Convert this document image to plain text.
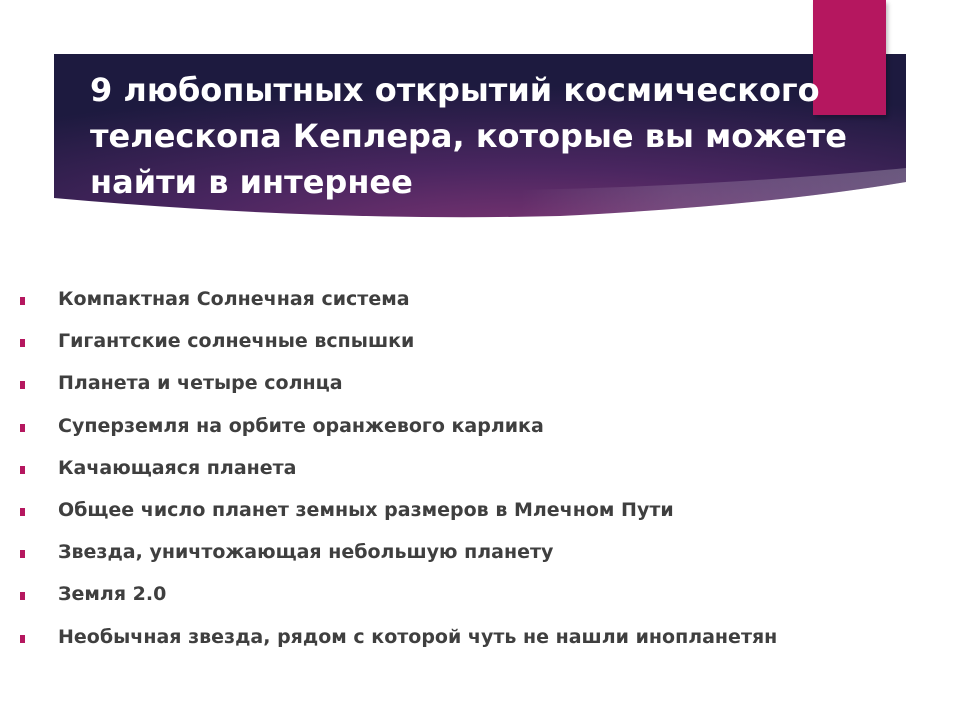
9 любопытных открытий космического телескопа Кеплера, которые вы можете найти в интернее
Компактная Солнечная система
Гигантские солнечные вспышки
Планета и четыре солнца
Суперземля на орбите оранжевого карлика
Качающаяся планета
Общее число планет земных размеров в Млечном Пути
Звезда, уничтожающая небольшую планету
Земля 2.0
Необычная звезда, рядом с которой чуть не нашли инопланетян
